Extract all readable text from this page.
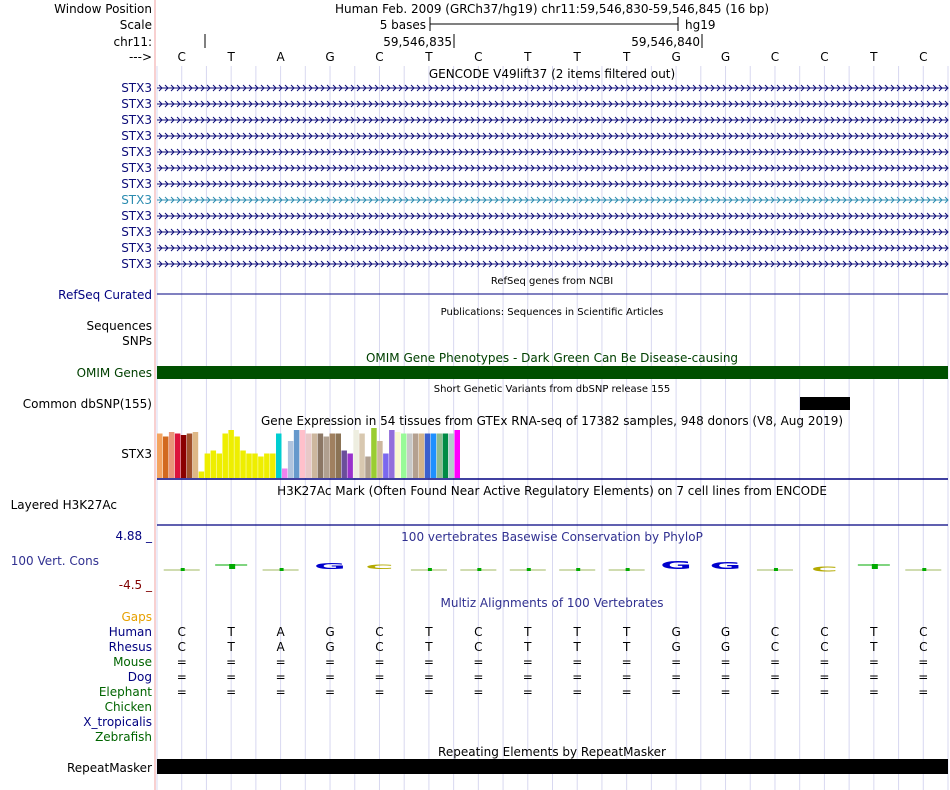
Window Position	Human Feb. 2009 (GRCh37/hg19) chr11:59,546,830-59,546,845 (16 bp)
Scale	5 bases	hg19
chr11:	59,546,835	59,546,840
---> C	T	A	G	C	T	C	T	T	T	G	G	C	C	T	C
GENCODE V49lift37 (2 items filtered out)
STX3
STX3
STX3
STX3
STX3
STX3
STX3
STX3
STX3
STX3
STX3
STX3
RefSeq genes from NCBI
RefSeq Curated
Publications: Sequences in Scientific Articles
Sequences
SNPs
OMIM Gene Phenotypes - Dark Green Can Be Disease-causing
OMIM Genes
Short Genetic Variants from dbSNP release 155
Common dbSNP(155)
Gene Expression in 54 tissues from GTEx RNA-seq of 17382 samples, 948 donors (V8, Aug 2019)
STX3
H3K27Ac Mark (Often Found Near Active Regulatory Elements) on 7 cell lines from ENCODE
Layered H3K27Ac
100 vertebrates Basewise Conservation by PhyloP
4.88 _
100 Vert. Cons
-4.5 _
G C	G G	C
Multiz Alignments of 100 Vertebrates
Gaps
Human C	T	A	G	C	T	C	T	T	T	G	G	C	C	T	C
Rhesus C	T	A	G	C	T	C	T	T	T	G	G	C	C	T	C
Mouse =	=	=	=	=	=	=	=	=	=	=	=	=	=	=	=
Dog =	=	=	=	=	=	=	=	=	=	=	=	=	=	=	=
Elephant =	=	=	=	=	=	=	=	=	=	=	=	=	=	=	=
Chicken
X_tropicalis
Zebrafish
Repeating Elements by RepeatMasker
RepeatMasker
